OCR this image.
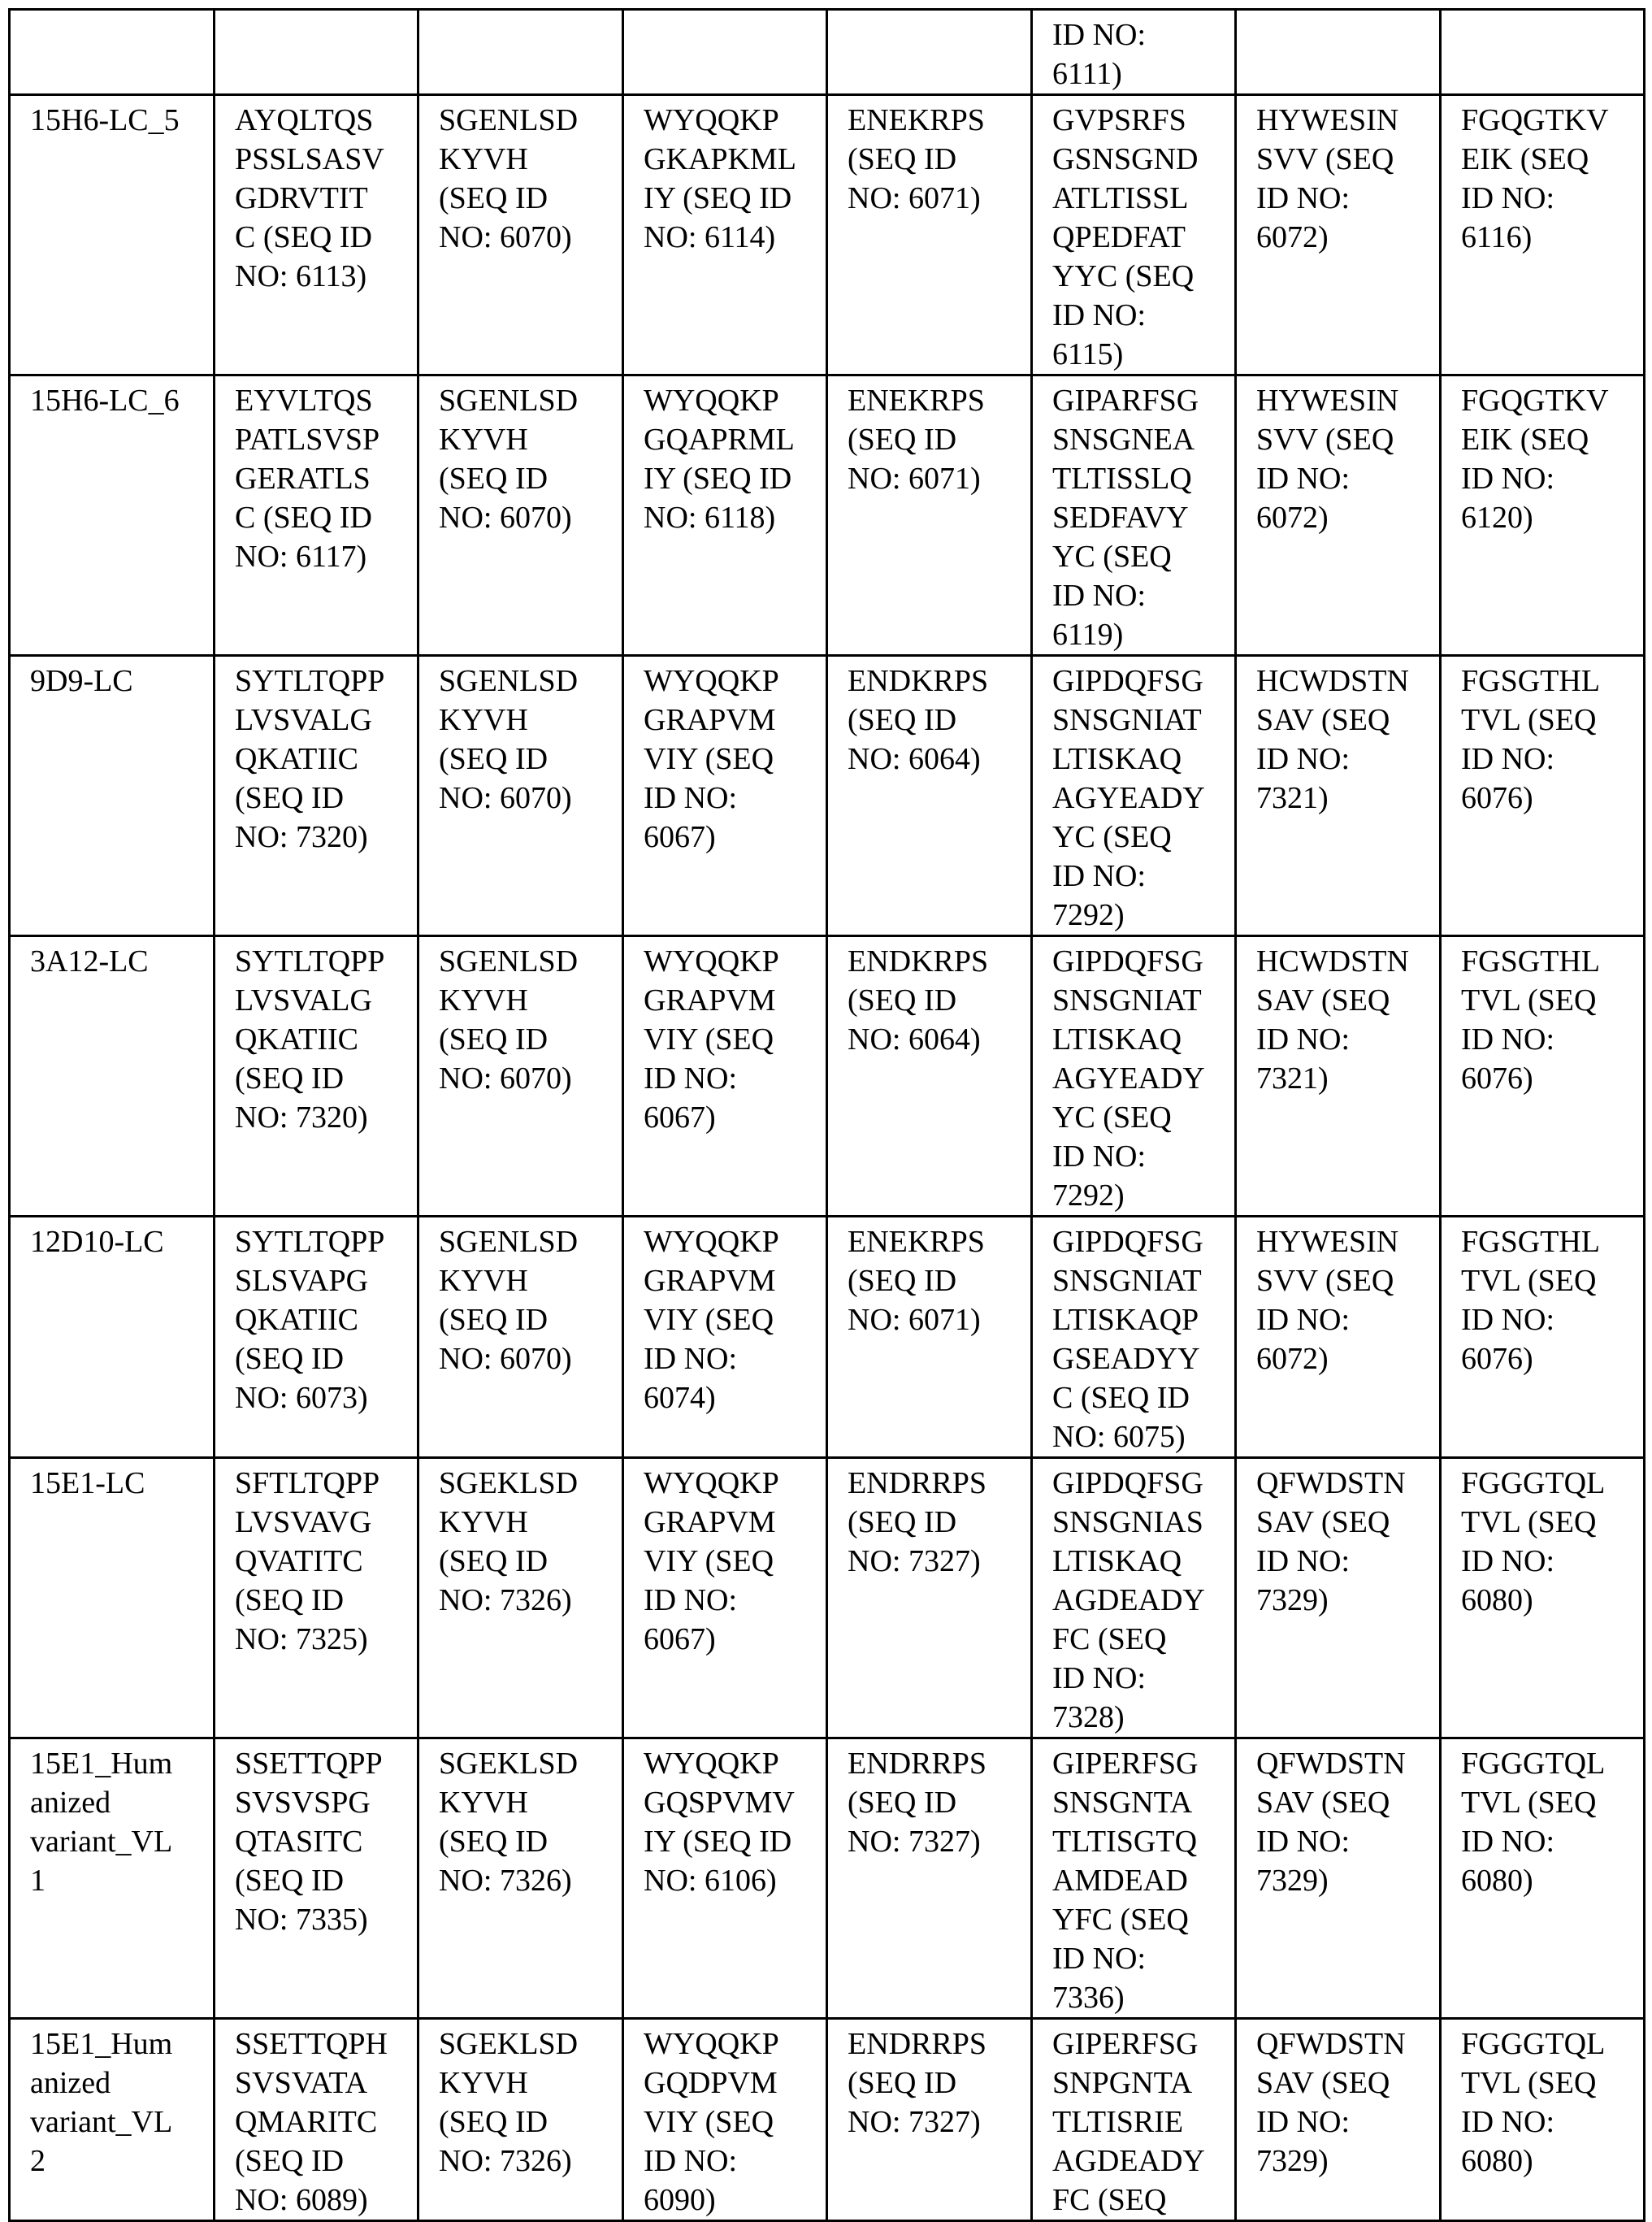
					ID NO:
6111)		
15H6-LC_5	AYQLTQS
PSSLSASV
GDRVTIT
C (SEQ ID
NO: 6113)	SGENLSD
KYVH
(SEQ ID
NO: 6070)	WYQQKP
GKAPKML
IY (SEQ ID
NO: 6114)	ENEKRPS
(SEQ ID
NO: 6071)	GVPSRFS
GSNSGND
ATLTISSL
QPEDFAT
YYC (SEQ
ID NO:
6115)	HYWESIN
SVV (SEQ
ID NO:
6072)	FGQGTKV
EIK (SEQ
ID NO:
6116)
15H6-LC_6	EYVLTQS
PATLSVSP
GERATLS
C (SEQ ID
NO: 6117)	SGENLSD
KYVH
(SEQ ID
NO: 6070)	WYQQKP
GQAPRML
IY (SEQ ID
NO: 6118)	ENEKRPS
(SEQ ID
NO: 6071)	GIPARFSG
SNSGNEA
TLTISSLQ
SEDFAVY
YC (SEQ
ID NO:
6119)	HYWESIN
SVV (SEQ
ID NO:
6072)	FGQGTKV
EIK (SEQ
ID NO:
6120)
9D9-LC	SYTLTQPP
LVSVALG
QKATIIC
(SEQ ID
NO: 7320)	SGENLSD
KYVH
(SEQ ID
NO: 6070)	WYQQKP
GRAPVM
VIY (SEQ
ID NO:
6067)	ENDKRPS
(SEQ ID
NO: 6064)	GIPDQFSG
SNSGNIAT
LTISKAQ
AGYEADY
YC (SEQ
ID NO:
7292)	HCWDSTN
SAV (SEQ
ID NO:
7321)	FGSGTHL
TVL (SEQ
ID NO:
6076)
3A12-LC	SYTLTQPP
LVSVALG
QKATIIC
(SEQ ID
NO: 7320)	SGENLSD
KYVH
(SEQ ID
NO: 6070)	WYQQKP
GRAPVM
VIY (SEQ
ID NO:
6067)	ENDKRPS
(SEQ ID
NO: 6064)	GIPDQFSG
SNSGNIAT
LTISKAQ
AGYEADY
YC (SEQ
ID NO:
7292)	HCWDSTN
SAV (SEQ
ID NO:
7321)	FGSGTHL
TVL (SEQ
ID NO:
6076)
12D10-LC	SYTLTQPP
SLSVAPG
QKATIIC
(SEQ ID
NO: 6073)	SGENLSD
KYVH
(SEQ ID
NO: 6070)	WYQQKP
GRAPVM
VIY (SEQ
ID NO:
6074)	ENEKRPS
(SEQ ID
NO: 6071)	GIPDQFSG
SNSGNIAT
LTISKAQP
GSEADYY
C (SEQ ID
NO: 6075)	HYWESIN
SVV (SEQ
ID NO:
6072)	FGSGTHL
TVL (SEQ
ID NO:
6076)
15E1-LC	SFTLTQPP
LVSVAVG
QVATITC
(SEQ ID
NO: 7325)	SGEKLSD
KYVH
(SEQ ID
NO: 7326)	WYQQKP
GRAPVM
VIY (SEQ
ID NO:
6067)	ENDRRPS
(SEQ ID
NO: 7327)	GIPDQFSG
SNSGNIAS
LTISKAQ
AGDEADY
FC (SEQ
ID NO:
7328)	QFWDSTN
SAV (SEQ
ID NO:
7329)	FGGGTQL
TVL (SEQ
ID NO:
6080)
15E1_Hum
anized
variant_VL
1	SSETTQPP
SVSVSPG
QTASITC
(SEQ ID
NO: 7335)	SGEKLSD
KYVH
(SEQ ID
NO: 7326)	WYQQKP
GQSPVMV
IY (SEQ ID
NO: 6106)	ENDRRPS
(SEQ ID
NO: 7327)	GIPERFSG
SNSGNTA
TLTISGTQ
AMDEAD
YFC (SEQ
ID NO:
7336)	QFWDSTN
SAV (SEQ
ID NO:
7329)	FGGGTQL
TVL (SEQ
ID NO:
6080)
15E1_Hum
anized
variant_VL
2	SSETTQPH
SVSVATA
QMARITC
(SEQ ID
NO: 6089)	SGEKLSD
KYVH
(SEQ ID
NO: 7326)	WYQQKP
GQDPVM
VIY (SEQ
ID NO:
6090)	ENDRRPS
(SEQ ID
NO: 7327)	GIPERFSG
SNPGNTA
TLTISRIE
AGDEADY
FC (SEQ	QFWDSTN
SAV (SEQ
ID NO:
7329)	FGGGTQL
TVL (SEQ
ID NO:
6080)
